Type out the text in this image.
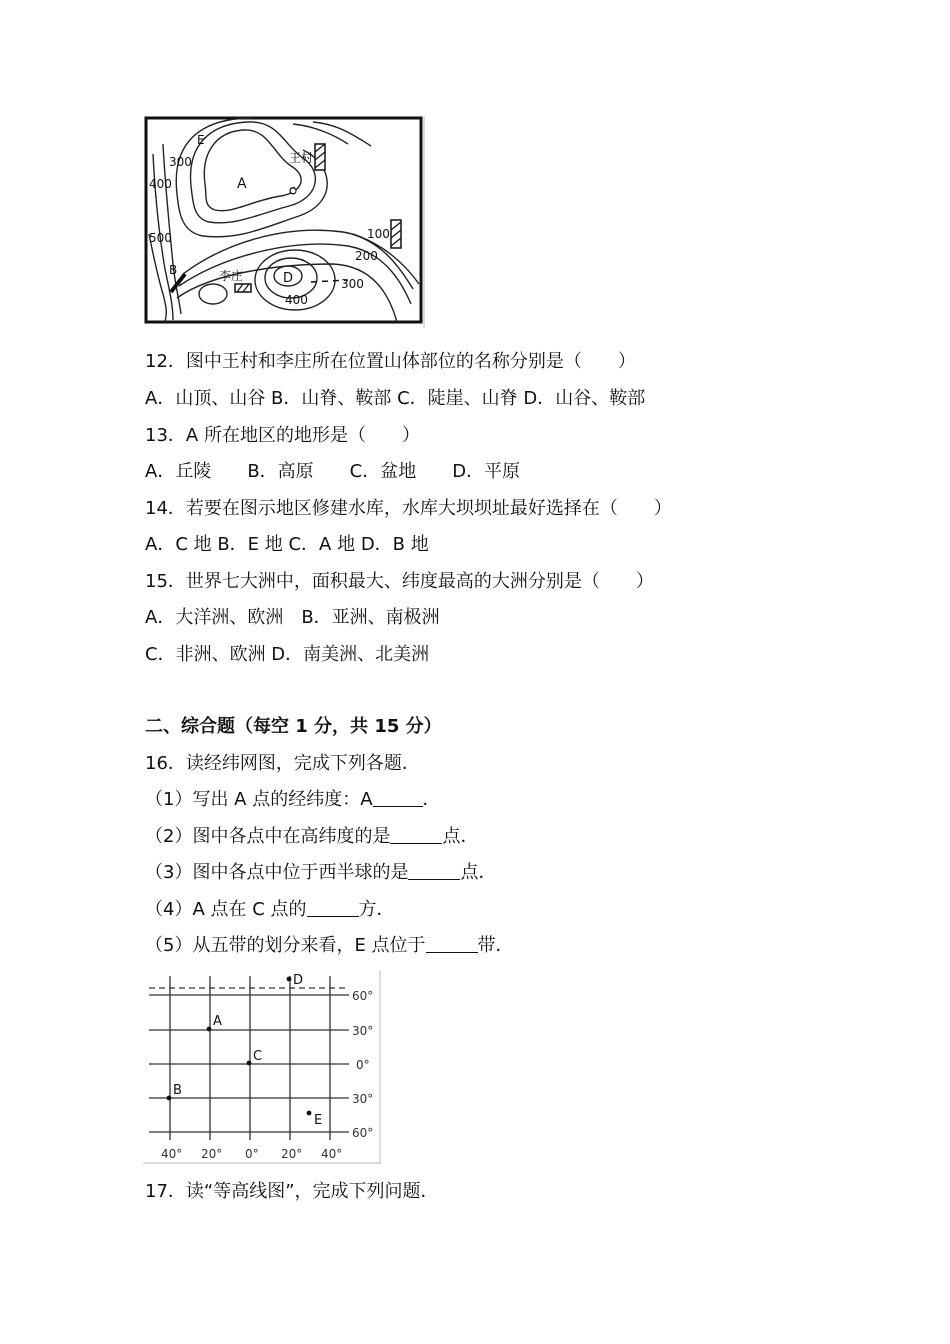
E
A	C
B
D
王村
李庄
300
400
500	100
200
300
400
12．图中王村和李庄所在位置山体部位的名称分别是（　　）
A．山顶、山谷 B．山脊、鞍部 C．陡崖、山脊 D．山谷、鞍部
13．A 所在地区的地形是（　　）
A．丘陵　　B．高原　　C．盆地　　D．平原
14．若要在图示地区修建水库，水库大坝坝址最好选择在（　　）
A．C 地 B．E 地 C．A 地 D．B 地
15．世界七大洲中，面积最大、纬度最高的大洲分别是（　　）
A．大洋洲、欧洲　B．亚洲、南极洲
C．非洲、欧洲 D．南美洲、北美洲
二、综合题（每空 1 分，共 15 分）
16．读经纬网图，完成下列各题．
（1）写出 A 点的经纬度：A	．
（2）图中各点中在高纬度的是	点．
（3）图中各点中位于西半球的是	点．
（4）A 点在 C 点的	方．
（5）从五带的划分来看，E 点位于	带．
A
B
C
D
E
60°
30°
0°
30°
60°
40° 20° 0° 20° 40°
17．读“等高线图”，完成下列问题．
